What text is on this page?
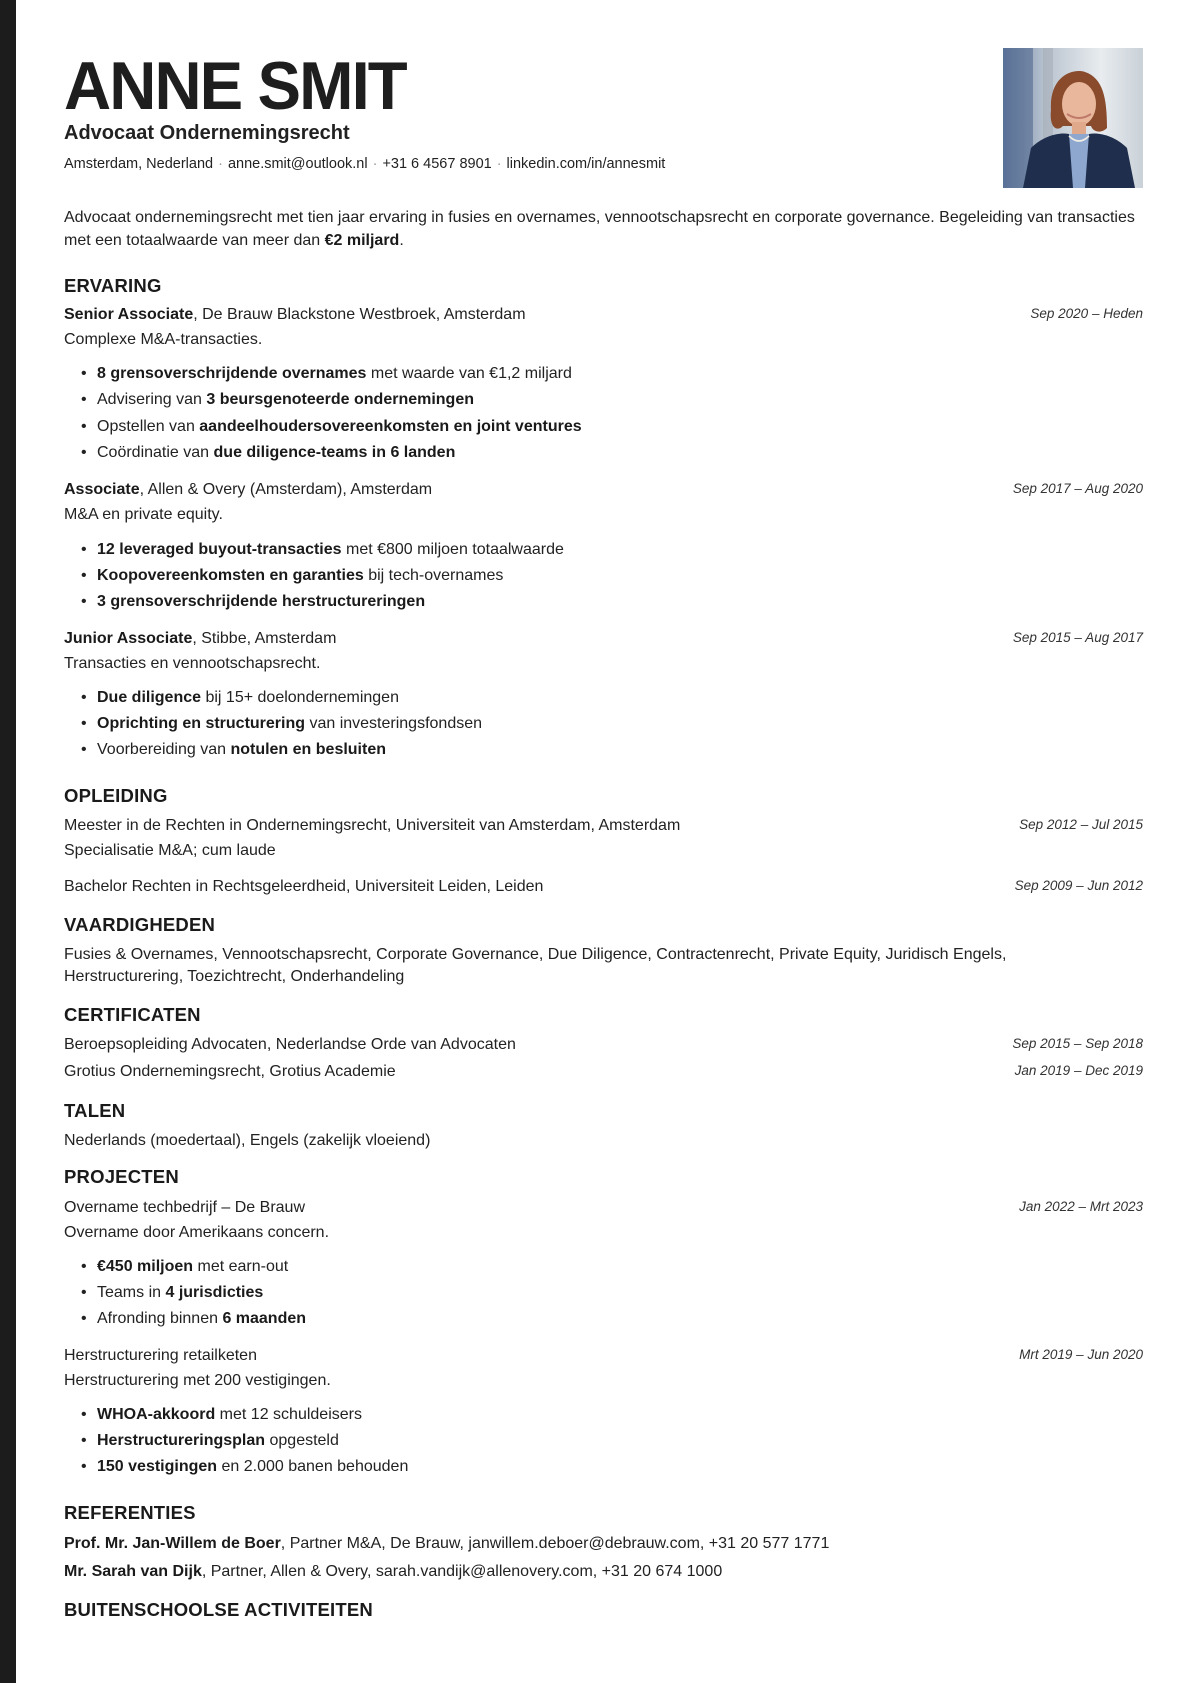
ANNE SMIT
Advocaat Ondernemingsrecht
Amsterdam, Nederland · anne.smit@outlook.nl · +31 6 4567 8901 · linkedin.com/in/annesmit
Advocaat ondernemingsrecht met tien jaar ervaring in fusies en overnames, vennootschapsrecht en corporate governance. Begeleiding van transacties met een totaalwaarde van meer dan €2 miljard.
ERVARING
Senior Associate, De Brauw Blackstone Westbroek, Amsterdam	Sep 2020 – Heden
Complexe M&A-transacties.
• 8 grensoverschrijdende overnames met waarde van €1,2 miljard
• Advisering van 3 beursgenoteerde ondernemingen
• Opstellen van aandeelhoudersovereenkomsten en joint ventures
• Coördinatie van due diligence-teams in 6 landen
Associate, Allen & Overy (Amsterdam), Amsterdam	Sep 2017 – Aug 2020
M&A en private equity.
• 12 leveraged buyout-transacties met €800 miljoen totaalwaarde
• Koopovereenkomsten en garanties bij tech-overnames
• 3 grensoverschrijdende herstructureringen
Junior Associate, Stibbe, Amsterdam	Sep 2015 – Aug 2017
Transacties en vennootschapsrecht.
• Due diligence bij 15+ doelondernemingen
• Oprichting en structurering van investeringsfondsen
• Voorbereiding van notulen en besluiten
OPLEIDING
Meester in de Rechten in Ondernemingsrecht, Universiteit van Amsterdam, Amsterdam	Sep 2012 – Jul 2015
Specialisatie M&A; cum laude
Bachelor Rechten in Rechtsgeleerdheid, Universiteit Leiden, Leiden	Sep 2009 – Jun 2012
VAARDIGHEDEN
Fusies & Overnames, Vennootschapsrecht, Corporate Governance, Due Diligence, Contractenrecht, Private Equity, Juridisch Engels,
Herstructurering, Toezichtrecht, Onderhandeling
CERTIFICATEN
Beroepsopleiding Advocaten, Nederlandse Orde van Advocaten	Sep 2015 – Sep 2018
Grotius Ondernemingsrecht, Grotius Academie	Jan 2019 – Dec 2019
TALEN
Nederlands (moedertaal), Engels (zakelijk vloeiend)
PROJECTEN
Overname techbedrijf – De Brauw	Jan 2022 – Mrt 2023
Overname door Amerikaans concern.
• €450 miljoen met earn-out
• Teams in 4 jurisdicties
• Afronding binnen 6 maanden
Herstructurering retailketen	Mrt 2019 – Jun 2020
Herstructurering met 200 vestigingen.
• WHOA-akkoord met 12 schuldeisers
• Herstructureringsplan opgesteld
• 150 vestigingen en 2.000 banen behouden
REFERENTIES
Prof. Mr. Jan-Willem de Boer, Partner M&A, De Brauw, janwillem.deboer@debrauw.com, +31 20 577 1771
Mr. Sarah van Dijk, Partner, Allen & Overy, sarah.vandijk@allenovery.com, +31 20 674 1000
BUITENSCHOOLSE ACTIVITEITEN
